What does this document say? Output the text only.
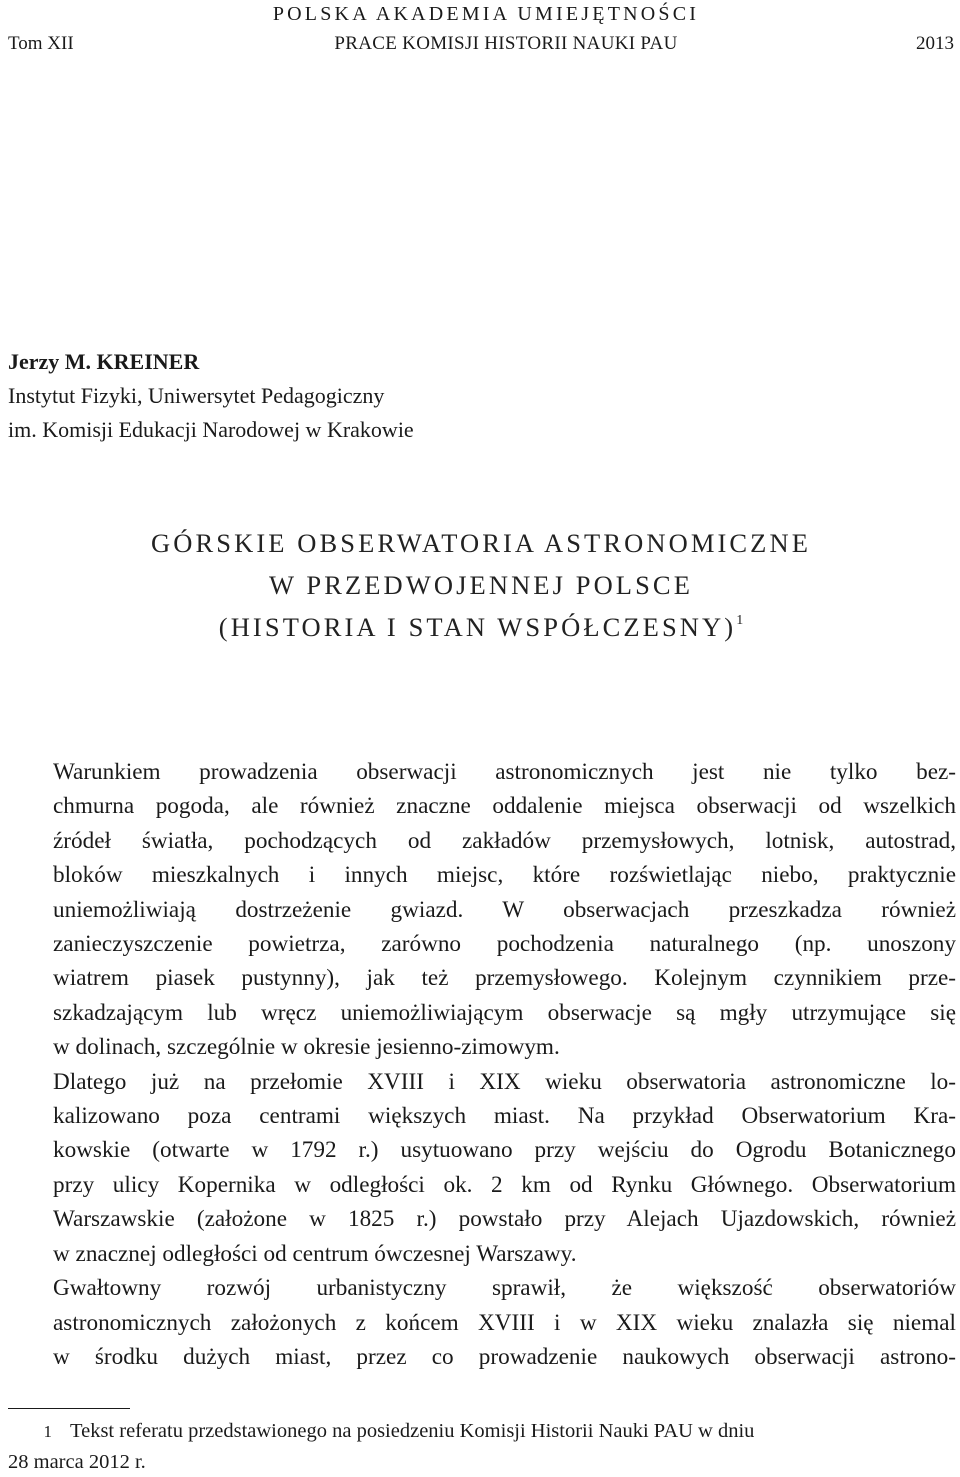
POLSKA AKADEMIA UMIEJĘTNOŚCI
Tom XII	PRACE KOMISJI HISTORII NAUKI PAU	2013
Jerzy M. KREINER
Instytut Fizyki, Uniwersytet Pedagogiczny
im. Komisji Edukacji Narodowej w Krakowie
GÓRSKIE OBSERWATORIA ASTRONOMICZNE
W PRZEDWOJENNEJ POLSCE
(HISTORIA I STAN WSPÓŁCZESNY)$^1$

Warunkiem prowadzenia obserwacji astronomicznych jest nie tylko bez-
chmurna pogoda, ale również znaczne oddalenie miejsca obserwacji od wszelkich
źródeł światła, pochodzących od zakładów przemysłowych, lotnisk, autostrad,
bloków mieszkalnych i innych miejsc, które rozświetlając niebo, praktycznie
uniemożliwiają dostrzeżenie gwiazd. W obserwacjach przeszkadza również
zanieczyszczenie powietrza, zarówno pochodzenia naturalnego (np. unoszony
wiatrem piasek pustynny), jak też przemysłowego. Kolejnym czynnikiem prze-
szkadzającym lub wręcz uniemożliwiającym obserwacje są mgły utrzymujące się
w dolinach, szczególnie w okresie jesienno-zimowym.

Dlatego już na przełomie XVIII i XIX wieku obserwatoria astronomiczne lo-
kalizowano poza centrami większych miast. Na przykład Obserwatorium Kra-
kowskie (otwarte w 1792 r.) usytuowano przy wejściu do Ogrodu Botanicznego
przy ulicy Kopernika w odległości ok. 2 km od Rynku Głównego. Obserwatorium
Warszawskie (założone w 1825 r.) powstało przy Alejach Ujazdowskich, również
w znacznej odległości od centrum ówczesnej Warszawy.

Gwałtowny rozwój urbanistyczny sprawił, że większość obserwatoriów
astronomicznych założonych z końcem XVIII i w XIX wieku znalazła się niemal
w środku dużych miast, przez co prowadzenie naukowych obserwacji astrono-

1 Tekst referatu przedstawionego na posiedzeniu Komisji Historii Nauki PAU w dniu
28 marca 2012 r.
